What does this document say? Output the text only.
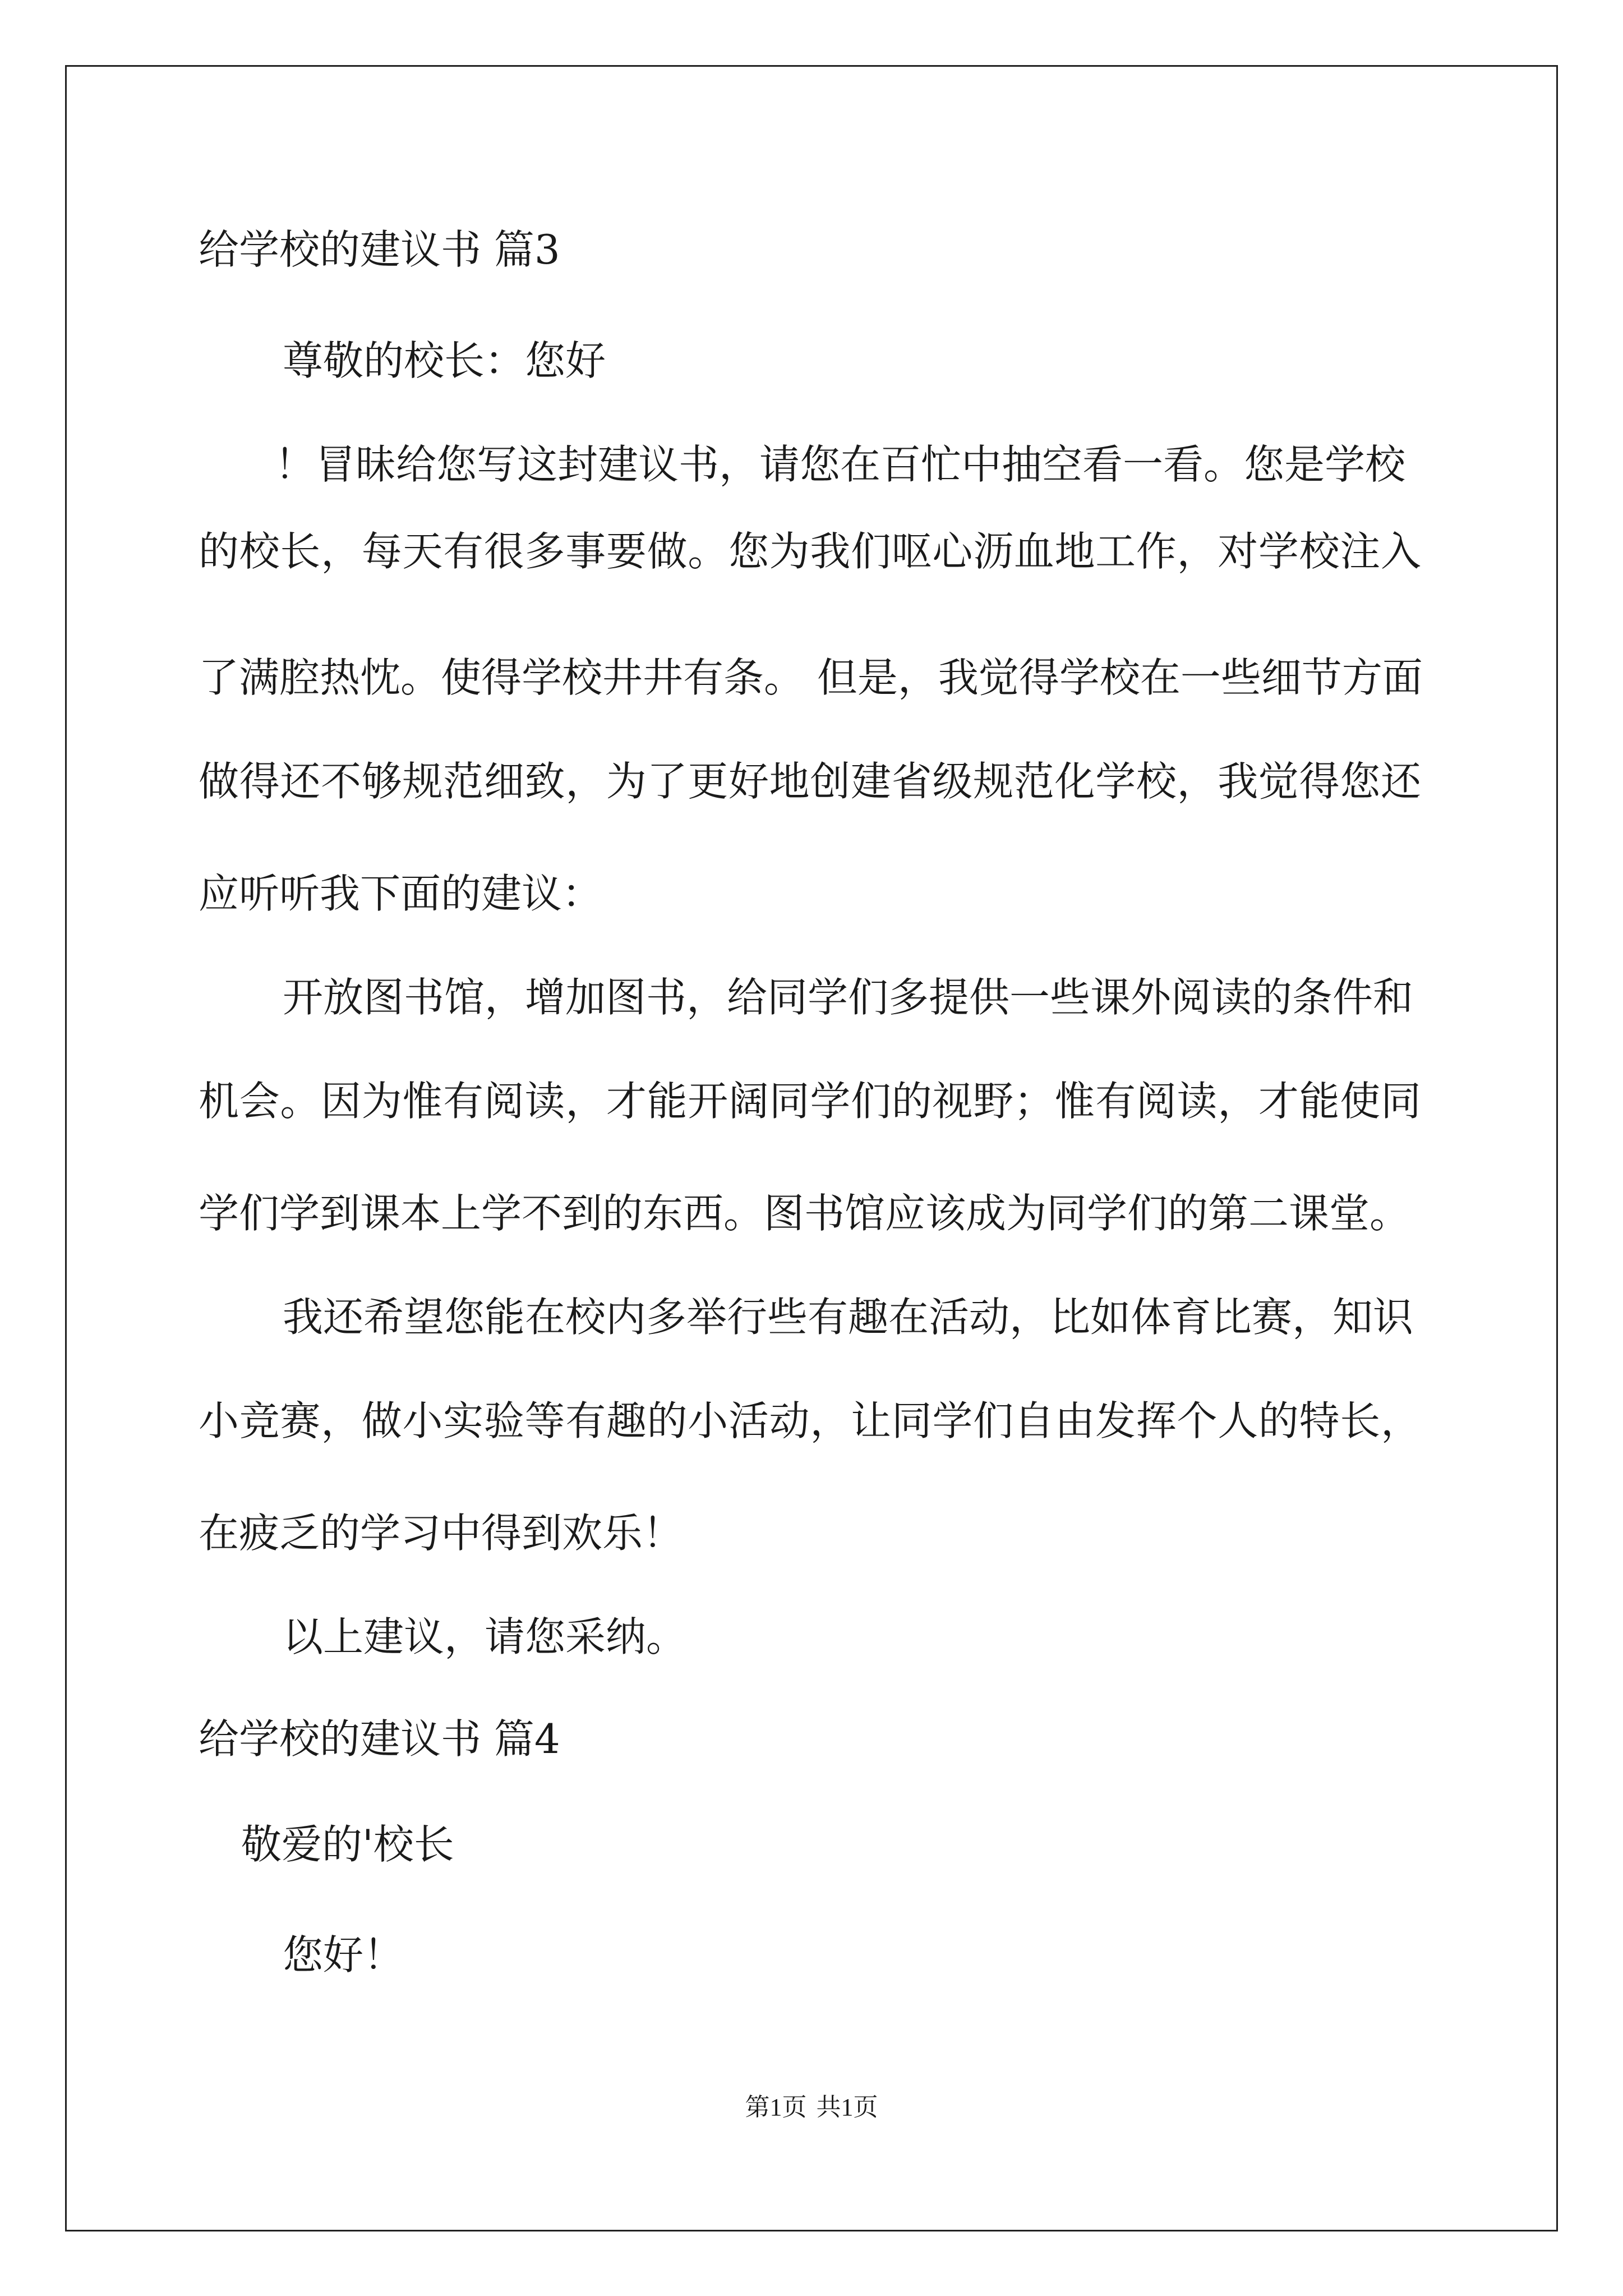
给学校的建议书 篇3

尊敬的校长：您好

！冒昧给您写这封建议书，请您在百忙中抽空看一看。您是学校

的校长，每天有很多事要做。您为我们呕心沥血地工作，对学校注入

了满腔热忱。使得学校井井有条。 但是，我觉得学校在一些细节方面

做得还不够规范细致，为了更好地创建省级规范化学校，我觉得您还

应听听我下面的建议：

开放图书馆，增加图书，给同学们多提供一些课外阅读的条件和

机会。因为惟有阅读，才能开阔同学们的视野；惟有阅读，才能使同

学们学到课本上学不到的东西。图书馆应该成为同学们的第二课堂。

我还希望您能在校内多举行些有趣在活动，比如体育比赛，知识

小竞赛，做小实验等有趣的小活动，让同学们自由发挥个人的特长，

在疲乏的学习中得到欢乐！

以上建议，请您采纳。

给学校的建议书 篇4

敬爱的'校长

您好！

第1页 共1页
